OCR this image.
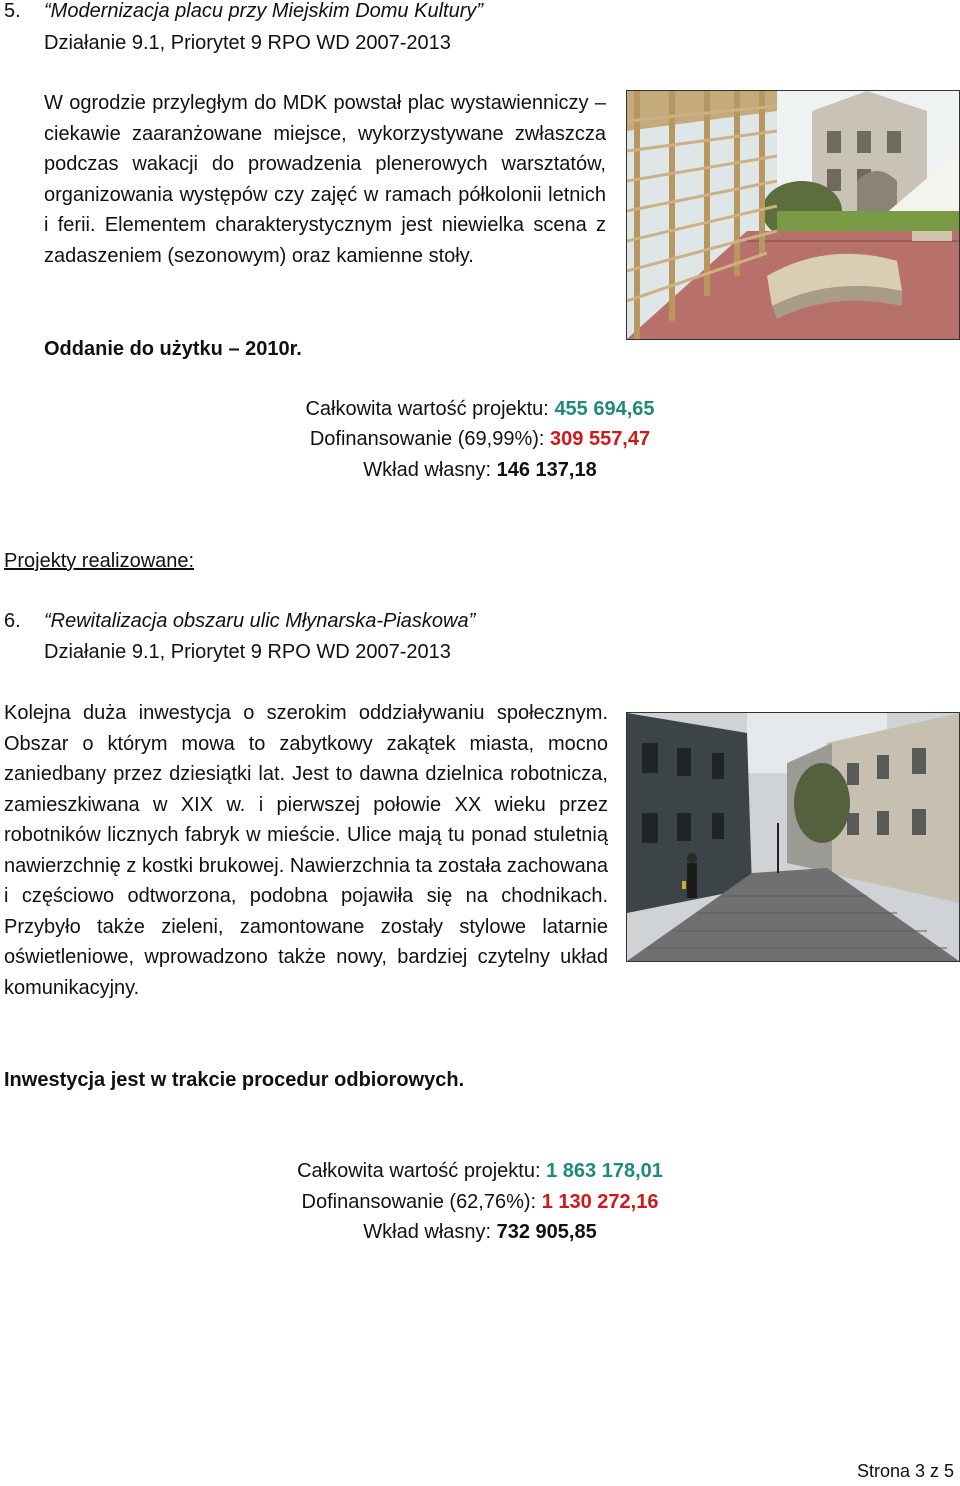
5. “Modernizacja placu przy Miejskim Domu Kultury”
Działanie 9.1, Priorytet 9 RPO WD 2007-2013
W ogrodzie przyległym do MDK powstał plac wystawienniczy – ciekawie zaaranżowane miejsce, wykorzystywane zwłaszcza podczas wakacji do prowadzenia plenerowych warsztatów, organizowania występów czy zajęć w ramach półkolonii letnich i ferii. Elementem charakterystycznym jest niewielka scena z zadaszeniem (sezonowym) oraz kamienne stoły.
Oddanie do użytku – 2010r.
Całkowita wartość projektu: 455 694,65
Dofinansowanie (69,99%): 309 557,47
Wkład własny: 146 137,18
Projekty realizowane:
6. “Rewitalizacja obszaru ulic Młynarska-Piaskowa”
Działanie 9.1, Priorytet 9 RPO WD 2007-2013
Kolejna duża inwestycja o szerokim oddziaływaniu społecznym. Obszar o którym mowa to zabytkowy zakątek miasta, mocno zaniedbany przez dziesiątki lat. Jest to dawna dzielnica robotnicza, zamieszkiwana w XIX w. i pierwszej połowie XX wieku przez robotników licznych fabryk w mieście. Ulice mają tu ponad stuletnią nawierzchnię z kostki brukowej. Nawierzchnia ta została zachowana i częściowo odtworzona, podobna pojawiła się na chodnikach. Przybyło także zieleni, zamontowane zostały stylowe latarnie oświetleniowe, wprowadzono także nowy, bardziej czytelny układ komunikacyjny.
Inwestycja jest w trakcie procedur odbiorowych.
Całkowita wartość projektu: 1 863 178,01
Dofinansowanie (62,76%): 1 130 272,16
Wkład własny: 732 905,85
Strona 3 z 5
